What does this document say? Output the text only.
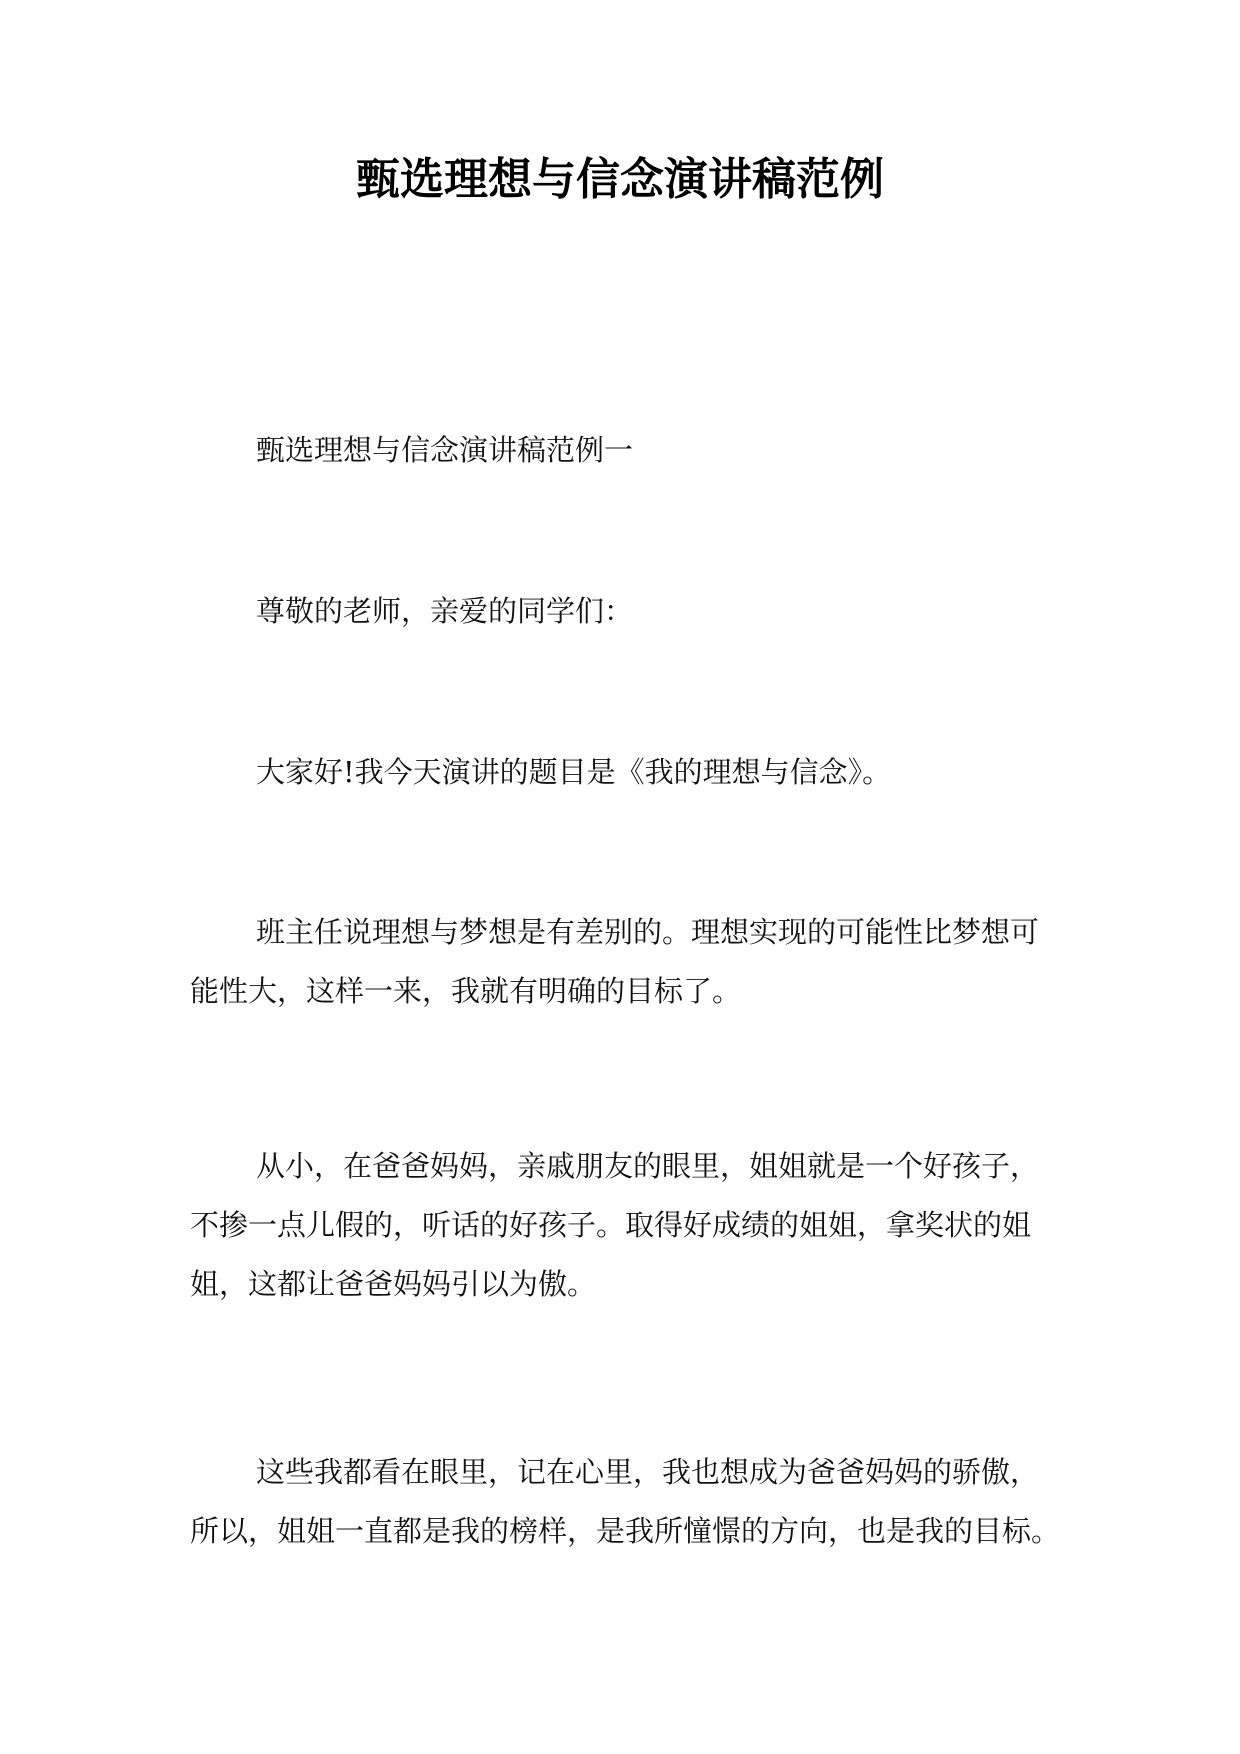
甄选理想与信念演讲稿范例

甄选理想与信念演讲稿范例一

尊敬的老师，亲爱的同学们：

大家好!我今天演讲的题目是《我的理想与信念》。

班主任说理想与梦想是有差别的。理想实现的可能性比梦想可能性大，这样一来，我就有明确的目标了。

从小，在爸爸妈妈，亲戚朋友的眼里，姐姐就是一个好孩子，不掺一点儿假的，听话的好孩子。取得好成绩的姐姐，拿奖状的姐姐，这都让爸爸妈妈引以为傲。

这些我都看在眼里，记在心里，我也想成为爸爸妈妈的骄傲，所以，姐姐一直都是我的榜样，是我所憧憬的方向，也是我的目标。
